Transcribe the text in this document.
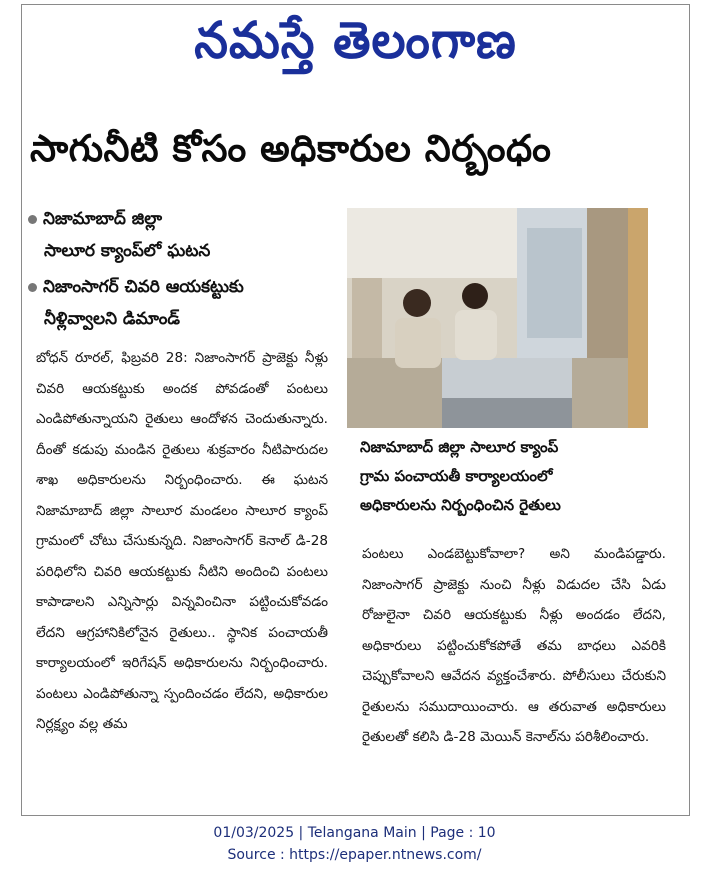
నమస్తే తెలంగాణ
సాగునీటి కోసం అధికారుల నిర్బంధం
నిజామాబాద్ జిల్లా
సాలూర క్యాంప్‌లో ఘటన
నిజాంసాగర్ చివరి ఆయకట్టుకు
నీళ్లివ్వాలని డిమాండ్
బోధన్ రూరల్, ఫిబ్రవరి 28: నిజాంసాగర్ ప్రాజెక్టు నీళ్లు చివరి ఆయకట్టుకు అందక పోవడంతో పంటలు ఎండిపోతున్నాయని రైతులు ఆందోళన చెందుతున్నారు. దీంతో కడుపు మండిన రైతులు శుక్రవారం నీటిపారుదల శాఖ అధికారులను నిర్బంధించారు. ఈ ఘటన నిజామాబాద్ జిల్లా సాలూర మండలం సాలూర క్యాంప్ గ్రామంలో చోటు చేసుకున్నది. నిజాంసాగర్ కెనాల్ డి-28 పరిధిలోని చివరి ఆయకట్టుకు నీటిని అందించి పంటలు కాపాడాలని ఎన్నిసార్లు విన్నవించినా పట్టించుకోవడం లేదని ఆగ్రహానికిలోనైన రైతులు.. స్థానిక పంచాయతీ కార్యాలయంలో ఇరిగేషన్ అధికారులను నిర్బంధించారు. పంటలు ఎండిపోతున్నా స్పందించడం లేదని, అధికారుల నిర్లక్ష్యం వల్ల తమ
నిజామాబాద్ జిల్లా సాలూర క్యాంప్
గ్రామ పంచాయతీ కార్యాలయంలో
అధికారులను నిర్బంధించిన రైతులు
పంటలు ఎండబెట్టుకోవాలా? అని మండిపడ్డారు. నిజాంసాగర్ ప్రాజెక్టు నుంచి నీళ్లు విడుదల చేసి ఏడు రోజులైనా చివరి ఆయకట్టుకు నీళ్లు అందడం లేదని, అధికారులు పట్టించుకోకపోతే తమ బాధలు ఎవరికి చెప్పుకోవాలని ఆవేదన వ్యక్తంచేశారు. పోలీసులు చేరుకుని రైతులను సముదాయించారు. ఆ తరువాత అధికారులు రైతులతో కలిసి డి-28 మెయిన్ కెనాల్‌ను పరిశీలించారు.
01/03/2025 | Telangana Main | Page : 10
Source : https://epaper.ntnews.com/
